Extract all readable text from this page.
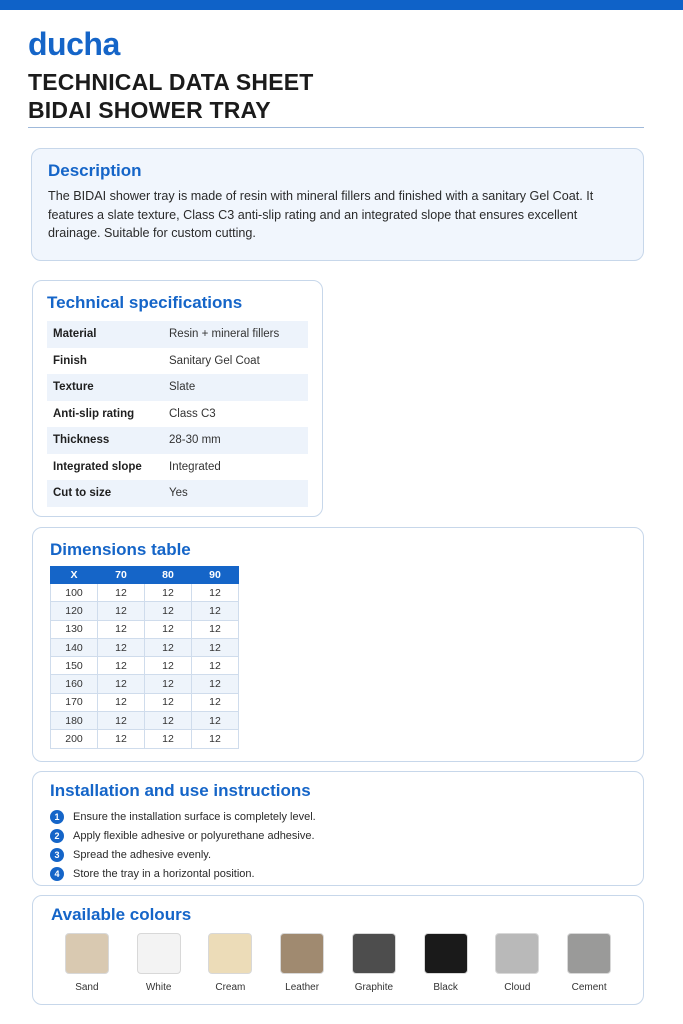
ducha
TECHNICAL DATA SHEET
BIDAI SHOWER TRAY
Description

The BIDAI shower tray is made of resin with mineral fillers and finished with a sanitary Gel Coat. It features a slate texture, Class C3 anti-slip rating and an integrated slope that ensures excellent drainage. Suitable for custom cutting.

Technical specifications
Material	Resin + mineral fillers
Finish	Sanitary Gel Coat
Texture	Slate
Anti-slip rating	Class C3
Thickness	28-30 mm
Integrated slope	Integrated
Cut to size	Yes
Dimensions table
X	70	80	90
100	12	12	12
120	12	12	12
130	12	12	12
140	12	12	12
150	12	12	12
160	12	12	12
170	12	12	12
180	12	12	12
200	12	12	12
Installation and use instructions
1	Ensure the installation surface is completely level.
2	Apply flexible adhesive or polyurethane adhesive.
3	Spread the adhesive evenly.
4	Store the tray in a horizontal position.
Available colours
Sand	White	Cream	Leather	Graphite	Black	Cloud	Cement
